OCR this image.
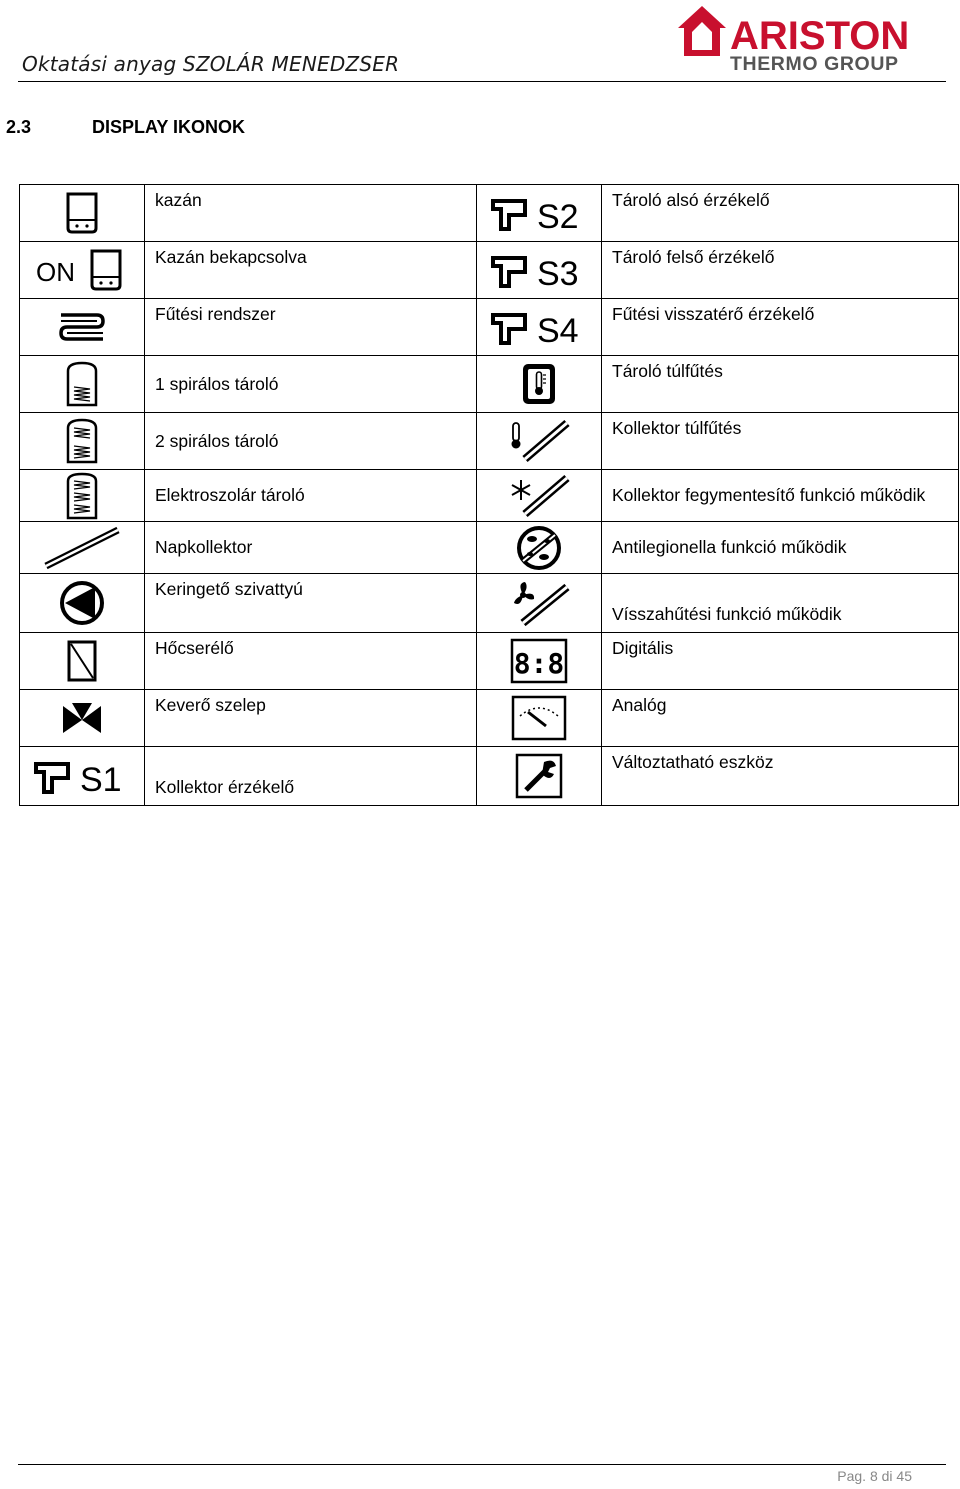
Oktatási anyag SZOLÁR MENEDZSER
ARISTON
THERMO GROUP
2.3	DISPLAY IKONOK
	kazán	S2	Tároló alsó érzékelő

ON	Kazán bekapcsolva	S3	Tároló felső érzékelő

	Fűtési rendszer	S4	Fűtési visszatérő érzékelő

	1 spirálos tároló		Tároló túlfűtés

	2 spirálos tároló		Kollektor túlfűtés

	Elektroszolár tároló		Kollektor fegymentesítő funkció működik

	Napkollektor		Antilegionella funkció működik

	Keringető szivattyú		Vísszahűtési funkció működik

	Hőcserélő	8:8	Digitális

	Keverő szelep		Analóg

S1	Kollektor érzékelő		Változtatható eszköz
Pag. 8 di 45
